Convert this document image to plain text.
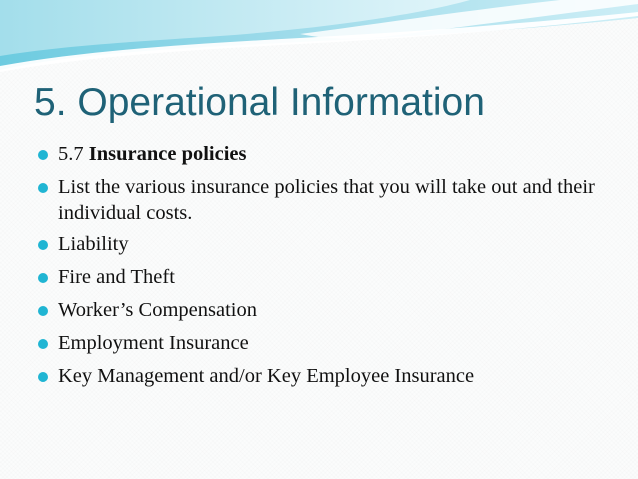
5. Operational Information
5.7 Insurance policies
List the various insurance policies that you will take out and their individual costs.
Liability
Fire and Theft
Worker’s Compensation
Employment Insurance
Key Management and/or Key Employee Insurance
